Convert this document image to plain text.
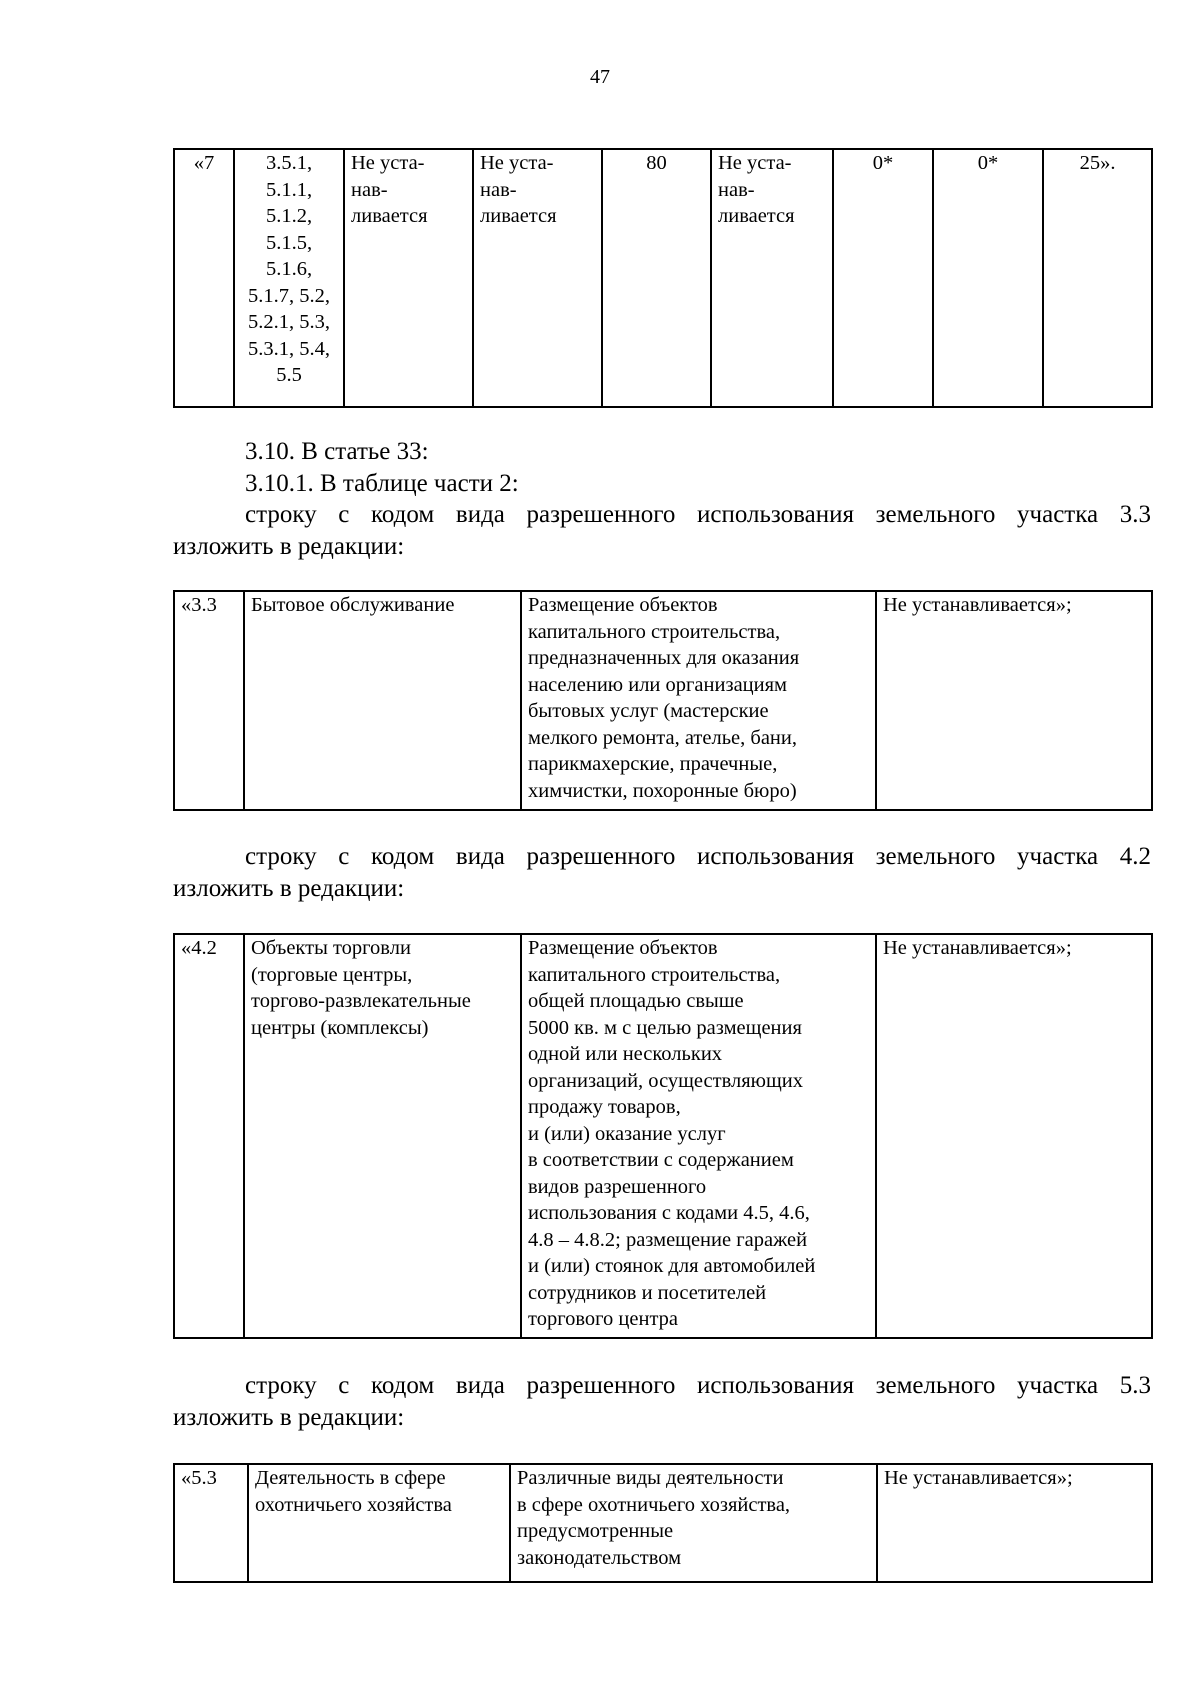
47
«7	3.5.1,
5.1.1,
5.1.2,
5.1.5,
5.1.6,
5.1.7, 5.2,
5.2.1, 5.3,
5.3.1, 5.4,
5.5	Не уста-
нав-
ливается	Не уста-
нав-
ливается	80	Не уста-
нав-
ливается	0*	0*	25».
3.10. В статье 33:
3.10.1. В таблице части 2:
строку с кодом вида разрешенного использования земельного участка 3.3
изложить в редакции:
«3.3	Бытовое обслуживание	Размещение объектов
капитального строительства,
предназначенных для оказания
населению или организациям
бытовых услуг (мастерские
мелкого ремонта, ателье, бани,
парикмахерские, прачечные,
химчистки, похоронные бюро)	Не устанавливается»;
строку с кодом вида разрешенного использования земельного участка 4.2
изложить в редакции:
«4.2	Объекты торговли
(торговые центры,
торгово-развлекательные
центры (комплексы)	Размещение объектов
капитального строительства,
общей площадью свыше
5000 кв. м с целью размещения
одной или нескольких
организаций, осуществляющих
продажу товаров,
и (или) оказание услуг
в соответствии с содержанием
видов разрешенного
использования с кодами 4.5, 4.6,
4.8 – 4.8.2; размещение гаражей
и (или) стоянок для автомобилей
сотрудников и посетителей
торгового центра	Не устанавливается»;
строку с кодом вида разрешенного использования земельного участка 5.3
изложить в редакции:
«5.3	Деятельность в сфере
охотничьего хозяйства	Различные виды деятельности
в сфере охотничьего хозяйства,
предусмотренные
законодательством	Не устанавливается»;
